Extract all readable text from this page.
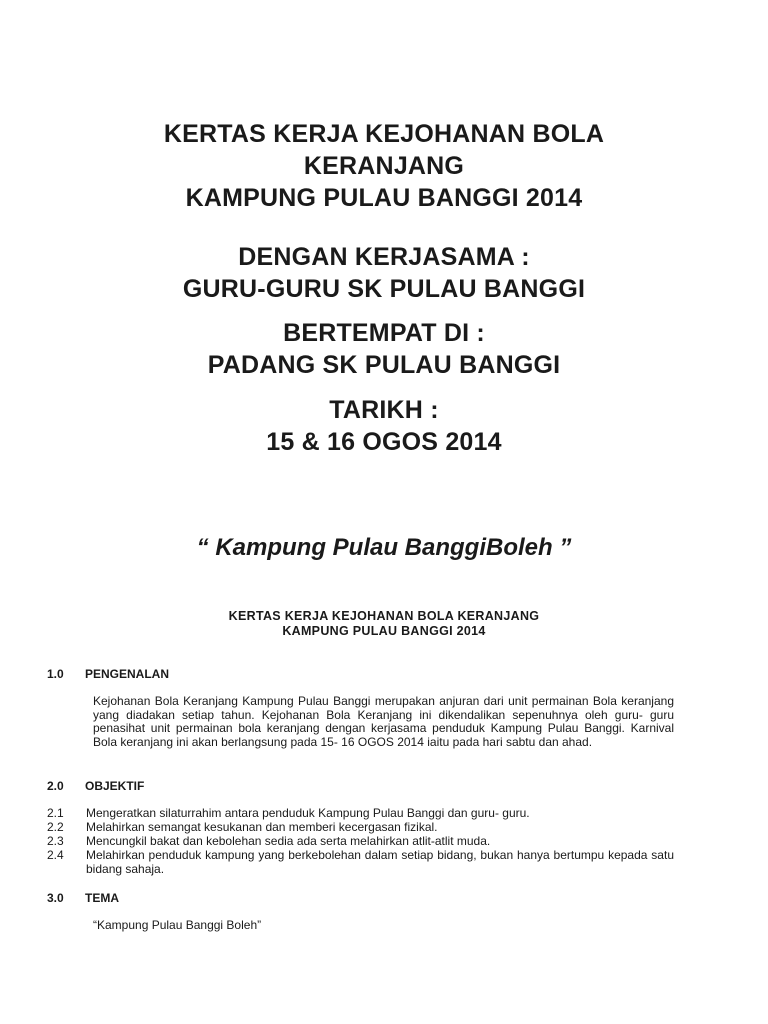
KERTAS KERJA KEJOHANAN BOLA
KERANJANG
KAMPUNG PULAU BANGGI 2014
DENGAN KERJASAMA :
GURU-GURU SK PULAU BANGGI
BERTEMPAT DI :
PADANG SK PULAU BANGGI
TARIKH :
15 & 16 OGOS 2014
“ Kampung Pulau BanggiBoleh ”
KERTAS KERJA KEJOHANAN BOLA KERANJANG
KAMPUNG PULAU BANGGI 2014
1.0 PENGENALAN
Kejohanan Bola Keranjang Kampung Pulau Banggi merupakan anjuran dari unit permainan Bola keranjang yang diadakan setiap tahun. Kejohanan Bola Keranjang ini dikendalikan sepenuhnya oleh guru- guru penasihat unit permainan bola keranjang dengan kerjasama penduduk Kampung Pulau Banggi. Karnival Bola keranjang ini akan berlangsung pada 15- 16 OGOS 2014 iaitu pada hari sabtu dan ahad.
2.0 OBJEKTIF
2.1 Mengeratkan silaturrahim antara penduduk Kampung Pulau Banggi dan guru- guru.
2.2 Melahirkan semangat kesukanan dan memberi kecergasan fizikal.
2.3 Mencungkil bakat dan kebolehan sedia ada serta melahirkan atlit-atlit muda.
2.4 Melahirkan penduduk kampung yang berkebolehan dalam setiap bidang, bukan hanya bertumpu kepada satu bidang sahaja.
3.0 TEMA
“Kampung Pulau Banggi Boleh”
